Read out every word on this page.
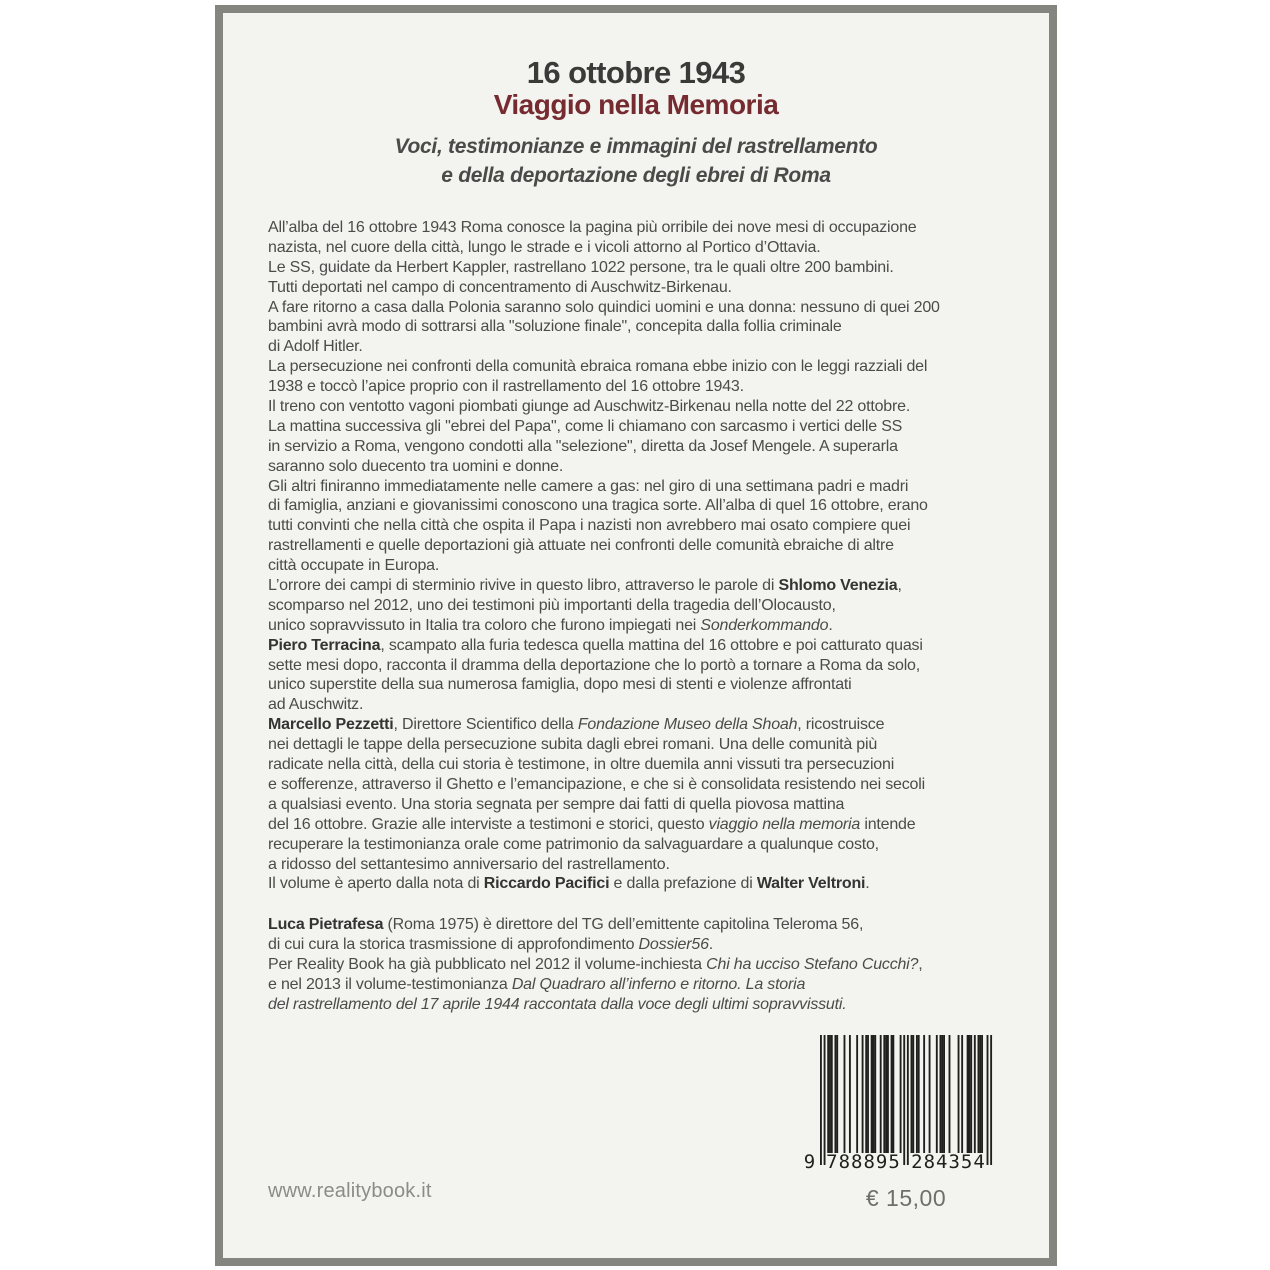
16 ottobre 1943
Viaggio nella Memoria
Voci, testimonianze e immagini del rastrellamento
e della deportazione degli ebrei di Roma
All’alba del 16 ottobre 1943 Roma conosce la pagina più orribile dei nove mesi di occupazione
nazista, nel cuore della città, lungo le strade e i vicoli attorno al Portico d’Ottavia.
Le SS, guidate da Herbert Kappler, rastrellano 1022 persone, tra le quali oltre 200 bambini.
Tutti deportati nel campo di concentramento di Auschwitz-Birkenau.
A fare ritorno a casa dalla Polonia saranno solo quindici uomini e una donna: nessuno di quei 200
bambini avrà modo di sottrarsi alla "soluzione finale", concepita dalla follia criminale
di Adolf Hitler.
La persecuzione nei confronti della comunità ebraica romana ebbe inizio con le leggi razziali del
1938 e toccò l’apice proprio con il rastrellamento del 16 ottobre 1943.
Il treno con ventotto vagoni piombati giunge ad Auschwitz-Birkenau nella notte del 22 ottobre.
La mattina successiva gli "ebrei del Papa", come li chiamano con sarcasmo i vertici delle SS
in servizio a Roma, vengono condotti alla "selezione", diretta da Josef Mengele. A superarla
saranno solo duecento tra uomini e donne.
Gli altri finiranno immediatamente nelle camere a gas: nel giro di una settimana padri e madri
di famiglia, anziani e giovanissimi conoscono una tragica sorte. All’alba di quel 16 ottobre, erano
tutti convinti che nella città che ospita il Papa i nazisti non avrebbero mai osato compiere quei
rastrellamenti e quelle deportazioni già attuate nei confronti delle comunità ebraiche di altre
città occupate in Europa.
L’orrore dei campi di sterminio rivive in questo libro, attraverso le parole di Shlomo Venezia,
scomparso nel 2012, uno dei testimoni più importanti della tragedia dell’Olocausto,
unico sopravvissuto in Italia tra coloro che furono impiegati nei Sonderkommando.
Piero Terracina, scampato alla furia tedesca quella mattina del 16 ottobre e poi catturato quasi
sette mesi dopo, racconta il dramma della deportazione che lo portò a tornare a Roma da solo,
unico superstite della sua numerosa famiglia, dopo mesi di stenti e violenze affrontati
ad Auschwitz.
Marcello Pezzetti, Direttore Scientifico della Fondazione Museo della Shoah, ricostruisce
nei dettagli le tappe della persecuzione subita dagli ebrei romani. Una delle comunità più
radicate nella città, della cui storia è testimone, in oltre duemila anni vissuti tra persecuzioni
e sofferenze, attraverso il Ghetto e l’emancipazione, e che si è consolidata resistendo nei secoli
a qualsiasi evento. Una storia segnata per sempre dai fatti di quella piovosa mattina
del 16 ottobre. Grazie alle interviste a testimoni e storici, questo viaggio nella memoria intende
recuperare la testimonianza orale come patrimonio da salvaguardare a qualunque costo,
a ridosso del settantesimo anniversario del rastrellamento.
Il volume è aperto dalla nota di Riccardo Pacifici e dalla prefazione di Walter Veltroni.
Luca Pietrafesa (Roma 1975) è direttore del TG dell’emittente capitolina Teleroma 56,
di cui cura la storica trasmissione di approfondimento Dossier56.
Per Reality Book ha già pubblicato nel 2012 il volume-inchiesta Chi ha ucciso Stefano Cucchi?,
e nel 2013 il volume-testimonianza Dal Quadraro all’inferno e ritorno. La storia
del rastrellamento del 17 aprile 1944 raccontata dalla voce degli ultimi sopravvissuti.
www.realitybook.it
9 788895 284354
€ 15,00
